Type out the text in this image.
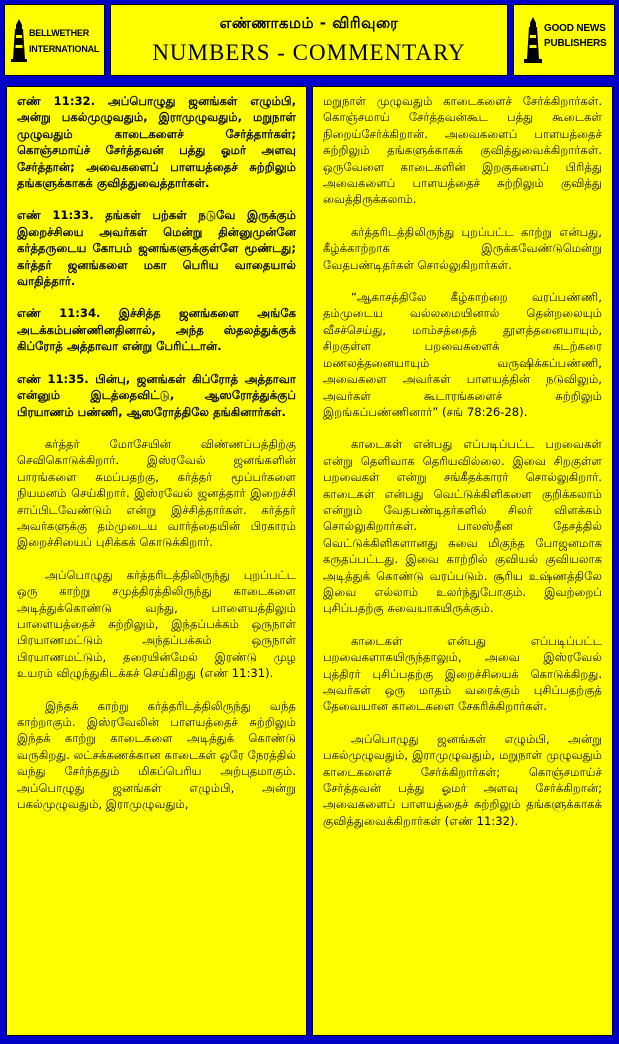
BELLWETHER
INTERNATIONAL
எண்ணாகமம் - விரிவுரை
NUMBERS - COMMENTARY
GOOD NEWS
PUBLISHERS

எண் 11:32. அப்பொழுது ஜனங்கள் எழும்பி, அன்று பகல்முழுவதும், இராமுழுவதும், மறுநாள் முழுவதும் காடைகளைச் சேர்த்தார்கள்; கொஞ்சமாய்ச் சேர்த்தவன் பத்து ஓமர் அளவு சேர்த்தான்; அவைகளைப் பாளயத்தைச் சுற்றிலும் தங்களுக்காகக் குவித்துவைத்தார்கள்.

எண் 11:33. தங்கள் பற்கள் நடுவே இருக்கும் இறைச்சியை அவர்கள் மென்று தின்னுமுன்னே கர்த்தருடைய கோபம் ஜனங்களுக்குள்ளே மூண்டது; கர்த்தர் ஜனங்களை மகா பெரிய வாதையால் வாதித்தார்.

எண் 11:34. இச்சித்த ஜனங்களை அங்கே அடக்கம்பண்ணினதினால், அந்த ஸ்தலத்துக்குக் கிப்ரோத் அத்தாவா என்று பேரிட்டான்.

எண் 11:35. பின்பு, ஜனங்கள் கிப்ரோத் அத்தாவா என்னும் இடத்தைவிட்டு, ஆஸரோத்துக்குப் பிரயாணம் பண்ணி, ஆஸரோத்திலே தங்கினார்கள்.

கர்த்தர் மோசேயின் விண்ணப்பத்திற்கு செவிகொடுக்கிறார். இஸ்ரவேல் ஜனங்களின் பாரங்களை சுமப்பதற்கு, கர்த்தர் மூப்பர்களை நியமனம் செய்கிறார். இஸ்ரவேல் ஜனத்தார் இறைச்சி சாப்பிடவேண்டும் என்று இச்சித்தார்கள். கர்த்தர் அவர்களுக்கு தம்முடைய வார்த்தையின் பிரகாரம் இறைச்சியைப் புசிக்கக் கொடுக்கிறார்.

அப்பொழுது கர்த்தரிடத்திலிருந்து புறப்பட்ட ஒரு காற்று சமுத்திரத்திலிருந்து காடைகளை அடித்துக்கொண்டு வந்து, பாளையத்திலும் பாளையத்தைச் சுற்றிலும், இந்தப்பக்கம் ஒருநாள் பிரயாணமட்டும் அந்தப்பக்கம் ஒருநாள் பிரயாணமட்டும், தரையின்மேல் இரண்டு முழ உயரம் விழுந்துகிடக்கச் செய்கிறது (எண் 11:31).

இந்தக் காற்று கர்த்தரிடத்திலிருந்து வந்த காற்றாகும். இஸ்ரவேலின் பாளயத்தைச் சுற்றிலும் இந்தக் காற்று காடைகளை அடித்துக் கொண்டு வருகிறது. லட்சக்கணக்கான காடைகள் ஒரே நேரத்தில் வந்து சேர்ந்ததும் மிகப்பெரிய அற்புதமாகும். அப்பொழுது ஜனங்கள் எழும்பி, அன்று பகல்முழுவதும், இராமுழுவதும்,

மறுநாள் முழுவதும் காடைகளைச் சேர்க்கிறார்கள். கொஞ்சமாய் சேர்த்தவன்கூட பத்து கூடைகள் நிறைய்சேர்க்கிறான். அவைகளைப் பாளயத்தைச் சுற்றிலும் தங்களுக்காகக் குவித்துவைக்கிறார்கள். ஒருவேளை காடைகளின் இறகுகளைப் பிரித்து அவைகளைப் பாளயத்தைச் சுற்றிலும் குவித்து வைத்திருக்கலாம்.

கர்த்தரிடத்திலிருந்து புறப்பட்ட காற்று என்பது, கீழ்க்காற்றாக இருக்கவேண்டுமென்று வேதபண்டிதர்கள் சொல்லுகிறார்கள்.

“ஆகாசத்திலே கீழ்காற்றை வரப்பண்ணி, தம்முடைய வல்லமையினால் தென்றலையும் வீசச்செய்து, மாம்சத்தைத் தூளத்தனையாயும், சிறகுள்ள பறவைகளைக் கடற்கரை மணலத்தனையாயும் வருஷிக்கப்பண்ணி, அவைகளை அவர்கள் பாளயத்தின் நடுவிலும், அவர்கள் கூடாரங்களைச் சுற்றிலும் இறங்கப்பண்ணினார்” (சங் 78:26-28).

காடைகள் என்பது எப்படிப்பட்ட பறவைகள் என்று தெளிவாக தெரியவில்லை. இவை சிறகுள்ள பறவைகள் என்று சங்கீதக்காரர் சொல்லுகிறார். காடைகள் என்பது வெட்டுக்கிளிகளை குறிக்கலாம் என்றும் வேதபண்டிதர்களில் சிலர் விளக்கம் சொல்லுகிறார்கள். பாலஸ்தீன தேசத்தில் வெட்டுக்கிளிகளானது சுவை மிகுந்த போஜனமாக கருதப்பட்டது. இவை காற்றில் குவியல் குவியலாக அடித்துக் கொண்டு வரப்படும். சூரிய உஷ்ணத்திலே இவை எல்லாம் உலர்ந்துபோகும். இவற்றைப் புசிப்பதற்கு சுவையாகயிருக்கும்.

காடைகள் என்பது எப்படிப்பட்ட பறவைகளாகயிருந்தாலும், அவை இஸ்ரவேல் புத்திரர் புசிப்பதற்கு இறைச்சியைக் கொடுக்கிறது. அவர்கள் ஒரு மாதம் வரைக்கும் புசிப்பதற்குத் தேவையான காடைகளை சேகரிக்கிறார்கள்.

அப்பொழுது ஜனங்கள் எழும்பி, அன்று பகல்முழுவதும், இராமுழுவதும், மறுநாள் முழுவதும் காடைகளைச் சேர்க்கிறார்கள்; கொஞ்சமாய்ச் சேர்த்தவன் பத்து ஓமர் அளவு சேர்க்கிறான்; அவைகளைப் பாளயத்தைச் சுற்றிலும் தங்களுக்காகக் குவித்துவைக்கிறார்கள் (எண் 11:32).
